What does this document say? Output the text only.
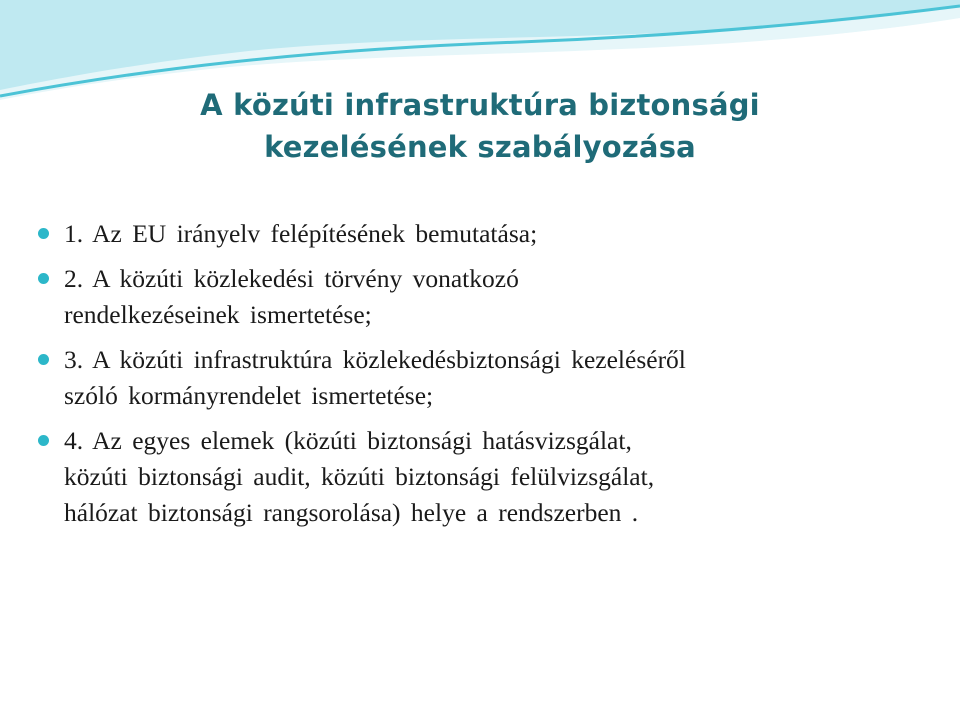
A közúti infrastruktúra biztonsági
kezelésének szabályozása
1. Az EU irányelv felépítésének bemutatása;
2. A közúti közlekedési törvény vonatkozó
rendelkezéseinek ismertetése;
3. A közúti infrastruktúra közlekedésbiztonsági kezeléséről
szóló kormányrendelet ismertetése;
4. Az egyes elemek (közúti biztonsági hatásvizsgálat,
közúti biztonsági audit, közúti biztonsági felülvizsgálat,
hálózat biztonsági rangsorolása) helye a rendszerben .
